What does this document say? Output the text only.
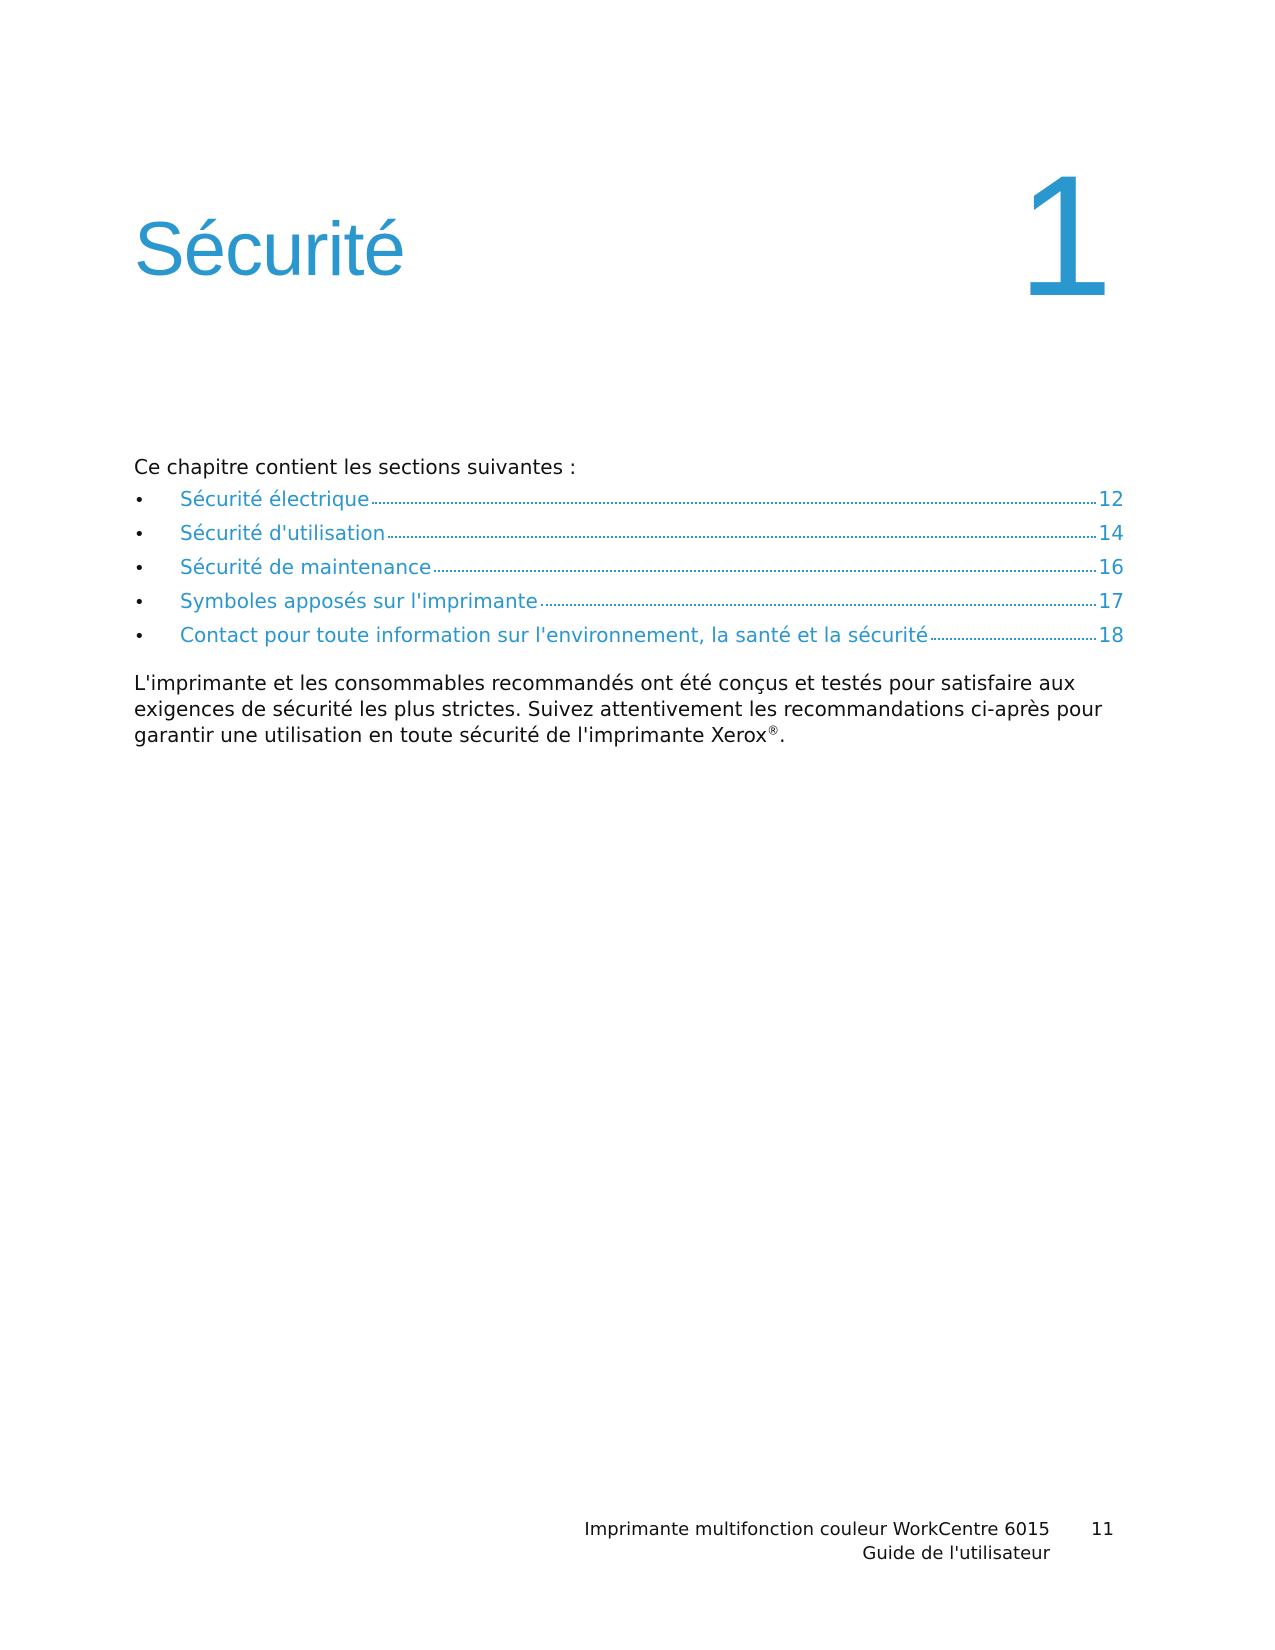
Sécurité	1

Ce chapitre contient les sections suivantes :

•	Sécurité électrique	12
•	Sécurité d'utilisation	14
•	Sécurité de maintenance	16
•	Symboles apposés sur l'imprimante	17
•	Contact pour toute information sur l'environnement, la santé et la sécurité	18

L'imprimante et les consommables recommandés ont été conçus et testés pour satisfaire aux exigences de sécurité les plus strictes. Suivez attentivement les recommandations ci-après pour garantir une utilisation en toute sécurité de l'imprimante Xerox®.

Imprimante multifonction couleur WorkCentre 6015
Guide de l'utilisateur
11
